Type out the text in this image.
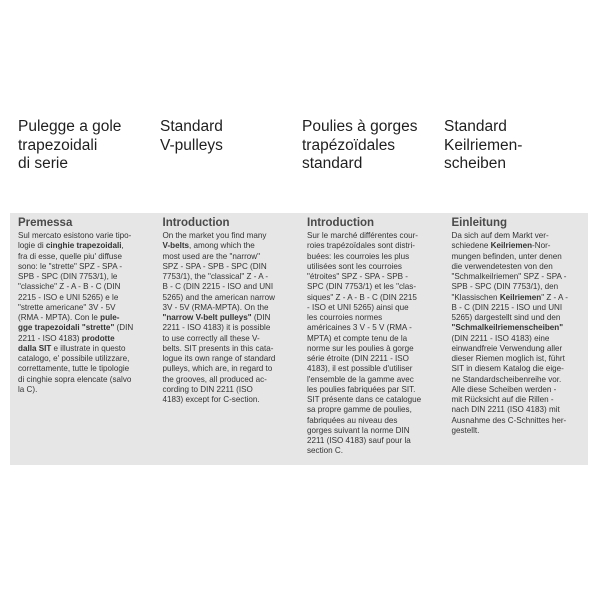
Pulegge a gole
trapezoidali
di serie
Standard
V-pulleys
Poulies à gorges
trapézoïdales
standard
Standard
Keilriemen-
scheiben
Premessa
Sul mercato esistono varie tipo-
logie di cinghie trapezoidali,
fra di esse, quelle piu' diffuse
sono: le "strette" SPZ - SPA -
SPB - SPC (DIN 7753/1), le
"classiche" Z - A - B - C (DIN
2215 - ISO e UNI 5265) e le
"strette americane" 3V - 5V
(RMA - MPTA). Con le pule-
gge trapezoidali "strette" (DIN
2211 - ISO 4183) prodotte
dalla SIT e illustrate in questo
catalogo, e' possibile utilizzare,
correttamente, tutte le tipologie
di cinghie sopra elencate (salvo
la C).
Introduction
On the market you find many
V-belts, among which the
most used are the "narrow"
SPZ - SPA - SPB - SPC (DIN
7753/1), the "classical" Z - A -
B - C (DIN 2215 - ISO and UNI
5265) and the american narrow
3V - 5V (RMA-MPTA). On the
"narrow V-belt pulleys" (DIN
2211 - ISO 4183) it is possible
to use correctly all these V-
belts. SIT presents in this cata-
logue its own range of standard
pulleys, which are, in regard to
the grooves, all produced ac-
cording to DIN 2211 (ISO
4183) except for C-section.
Introduction
Sur le marché différentes cour-
roies trapézoïdales sont distri-
buées: les courroies les plus
utilisées sont les courroies
"étroites" SPZ - SPA - SPB -
SPC (DIN 7753/1) et les "clas-
siques" Z - A - B - C (DIN 2215
- ISO et UNI 5265) ainsi que
les courroies normes
américaines 3 V - 5 V (RMA -
MPTA) et compte tenu de la
norme sur les poulies à gorge
série étroite (DIN 2211 - ISO
4183), il est possible d'utiliser
l'ensemble de la gamme avec
les poulies fabriquées par SIT.
SIT présente dans ce catalogue
sa propre gamme de poulies,
fabriquées au niveau des
gorges suivant la norme DIN
2211 (ISO 4183) sauf pour la
section C.
Einleitung
Da sich auf dem Markt ver-
schiedene Keilriemen-Nor-
mungen befinden, unter denen
die verwendetesten von den
"Schmalkeilriemen" SPZ - SPA -
SPB - SPC (DIN 7753/1), den
"Klassischen Keilriemen" Z - A -
B - C (DIN 2215 - ISO und UNI
5265) dargestellt sind und den
"Schmalkeilriemenscheiben"
(DIN 2211 - ISO 4183) eine
einwandfreie Verwendung aller
dieser Riemen moglich ist, führt
SIT in diesem Katalog die eige-
ne Standardscheibenreihe vor.
Alle diese Scheiben werden -
mit Rücksicht auf die Rillen -
nach DIN 2211 (ISO 4183) mit
Ausnahme des C-Schnittes her-
gestellt.
